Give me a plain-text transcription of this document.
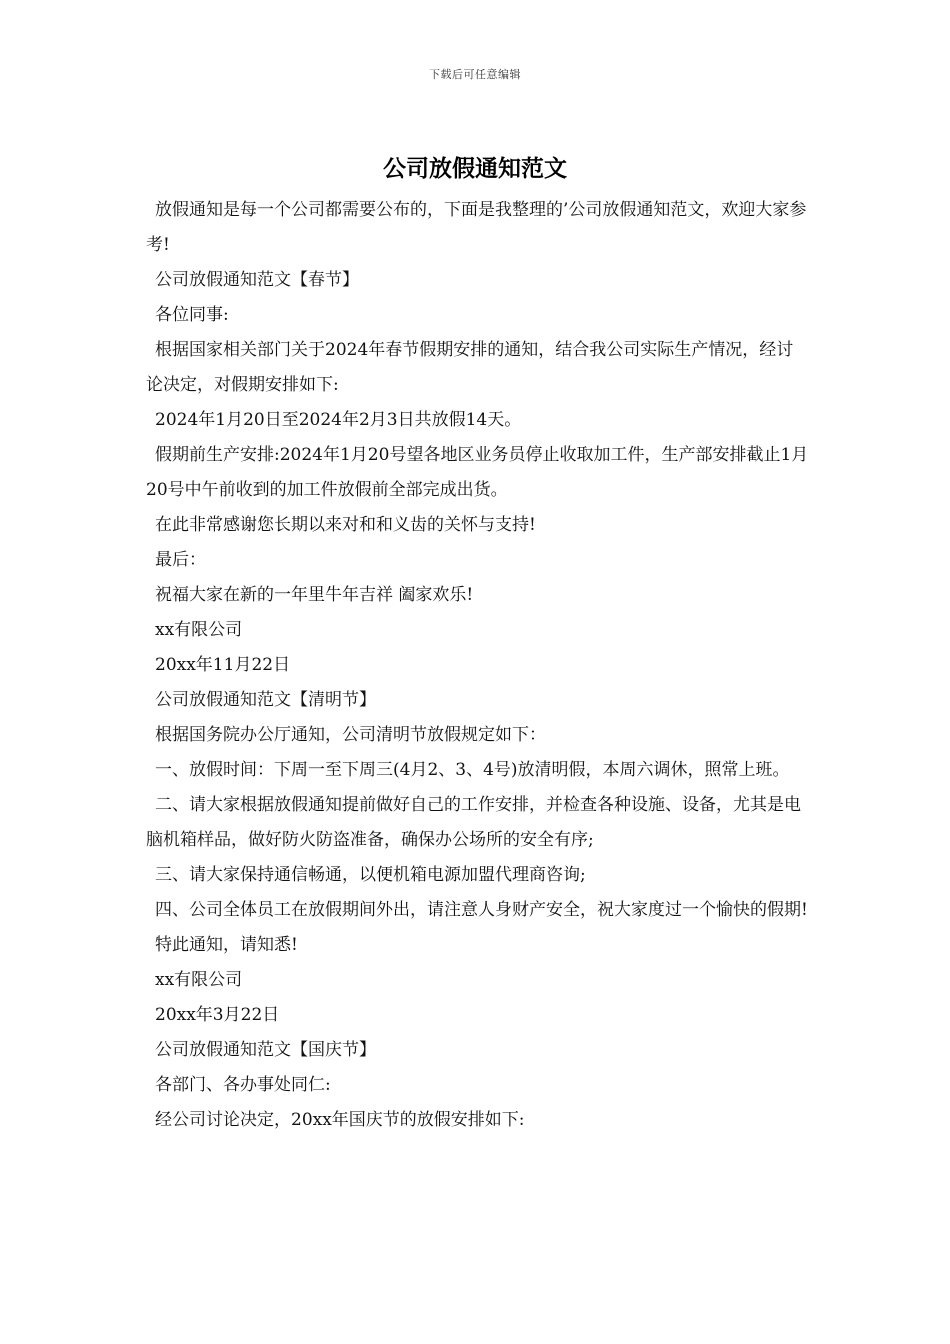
下载后可任意编辑
公司放假通知范文

放假通知是每一个公司都需要公布的，下面是我整理的’公司放假通知范文，欢迎大家参考!

公司放假通知范文【春节】

各位同事:

根据国家相关部门关于2024年春节假期安排的通知，结合我公司实际生产情况，经讨论决定，对假期安排如下:

2024年1月20日至2024年2月3日共放假14天。

假期前生产安排:2024年1月20号望各地区业务员停止收取加工件，生产部安排截止1月20号中午前收到的加工件放假前全部完成出货。

在此非常感谢您长期以来对和和义齿的关怀与支持!

最后：

祝福大家在新的一年里牛年吉祥 阖家欢乐!

xx有限公司

20xx年11月22日

公司放假通知范文【清明节】

根据国务院办公厅通知，公司清明节放假规定如下：

一、放假时间：下周一至下周三(4月2、3、4号)放清明假，本周六调休，照常上班。

二、请大家根据放假通知提前做好自己的工作安排，并检查各种设施、设备，尤其是电脑机箱样品，做好防火防盗准备，确保办公场所的安全有序;

三、请大家保持通信畅通，以便机箱电源加盟代理商咨询;

四、公司全体员工在放假期间外出，请注意人身财产安全，祝大家度过一个愉快的假期!

特此通知，请知悉!

xx有限公司

20xx年3月22日

公司放假通知范文【国庆节】

各部门、各办事处同仁:

经公司讨论决定，20xx年国庆节的放假安排如下:
